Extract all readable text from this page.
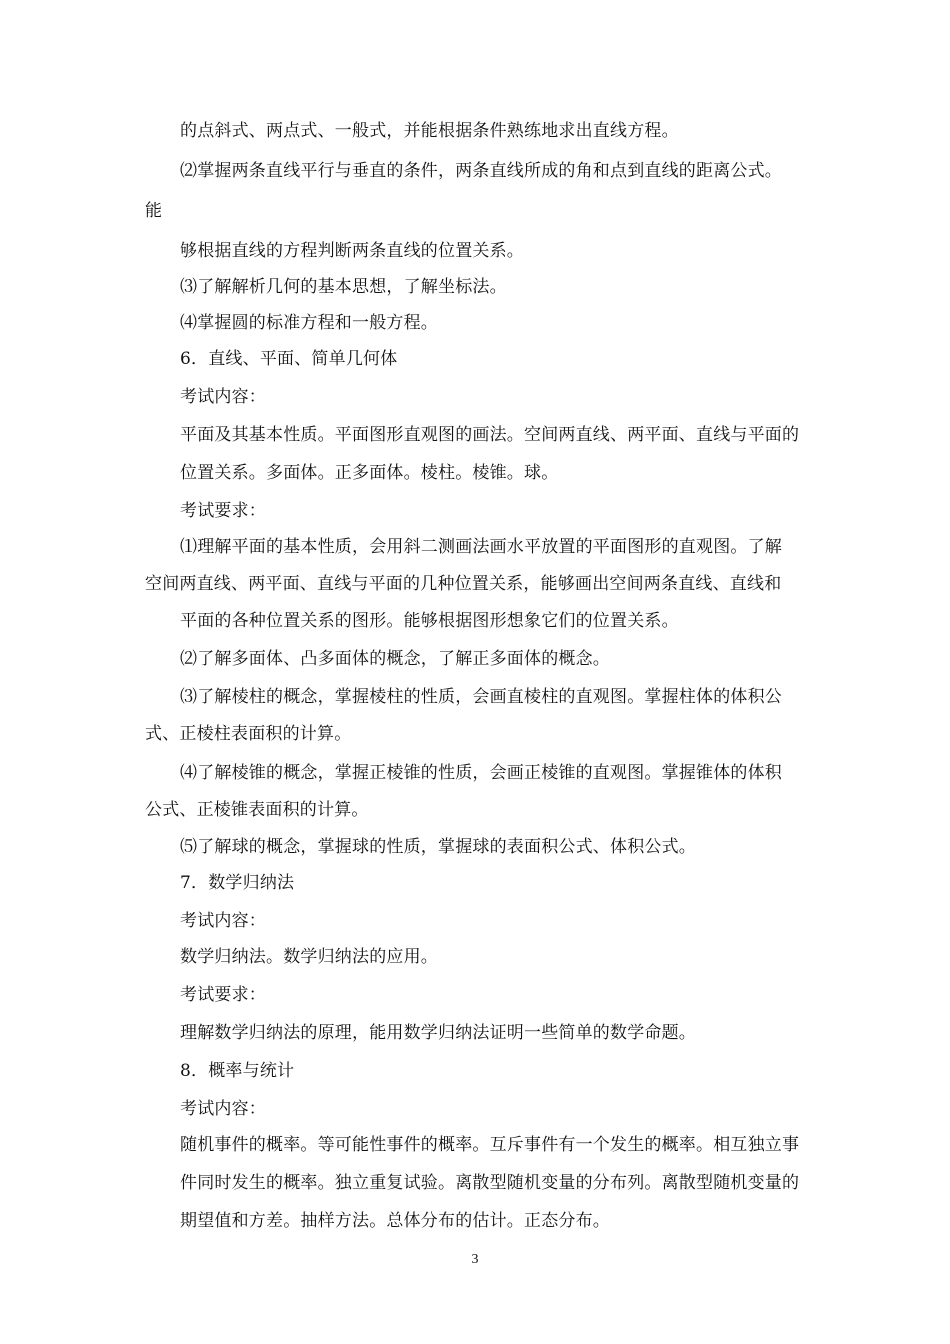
的点斜式、两点式、一般式，并能根据条件熟练地求出直线方程。
⑵掌握两条直线平行与垂直的条件，两条直线所成的角和点到直线的距离公式。
能
够根据直线的方程判断两条直线的位置关系。
⑶了解解析几何的基本思想，了解坐标法。
⑷掌握圆的标准方程和一般方程。
6．直线、平面、简单几何体
考试内容：
平面及其基本性质。平面图形直观图的画法。空间两直线、两平面、直线与平面的
位置关系。多面体。正多面体。棱柱。棱锥。球。
考试要求：
⑴理解平面的基本性质，会用斜二测画法画水平放置的平面图形的直观图。了解
空间两直线、两平面、直线与平面的几种位置关系，能够画出空间两条直线、直线和
平面的各种位置关系的图形。能够根据图形想象它们的位置关系。
⑵了解多面体、凸多面体的概念，了解正多面体的概念。
⑶了解棱柱的概念，掌握棱柱的性质，会画直棱柱的直观图。掌握柱体的体积公
式、正棱柱表面积的计算。
⑷了解棱锥的概念，掌握正棱锥的性质，会画正棱锥的直观图。掌握锥体的体积
公式、正棱锥表面积的计算。
⑸了解球的概念，掌握球的性质，掌握球的表面积公式、体积公式。
7．数学归纳法
考试内容：
数学归纳法。数学归纳法的应用。
考试要求：
理解数学归纳法的原理，能用数学归纳法证明一些简单的数学命题。
8．概率与统计
考试内容：
随机事件的概率。等可能性事件的概率。互斥事件有一个发生的概率。相互独立事
件同时发生的概率。独立重复试验。离散型随机变量的分布列。离散型随机变量的
期望值和方差。抽样方法。总体分布的估计。正态分布。
3
